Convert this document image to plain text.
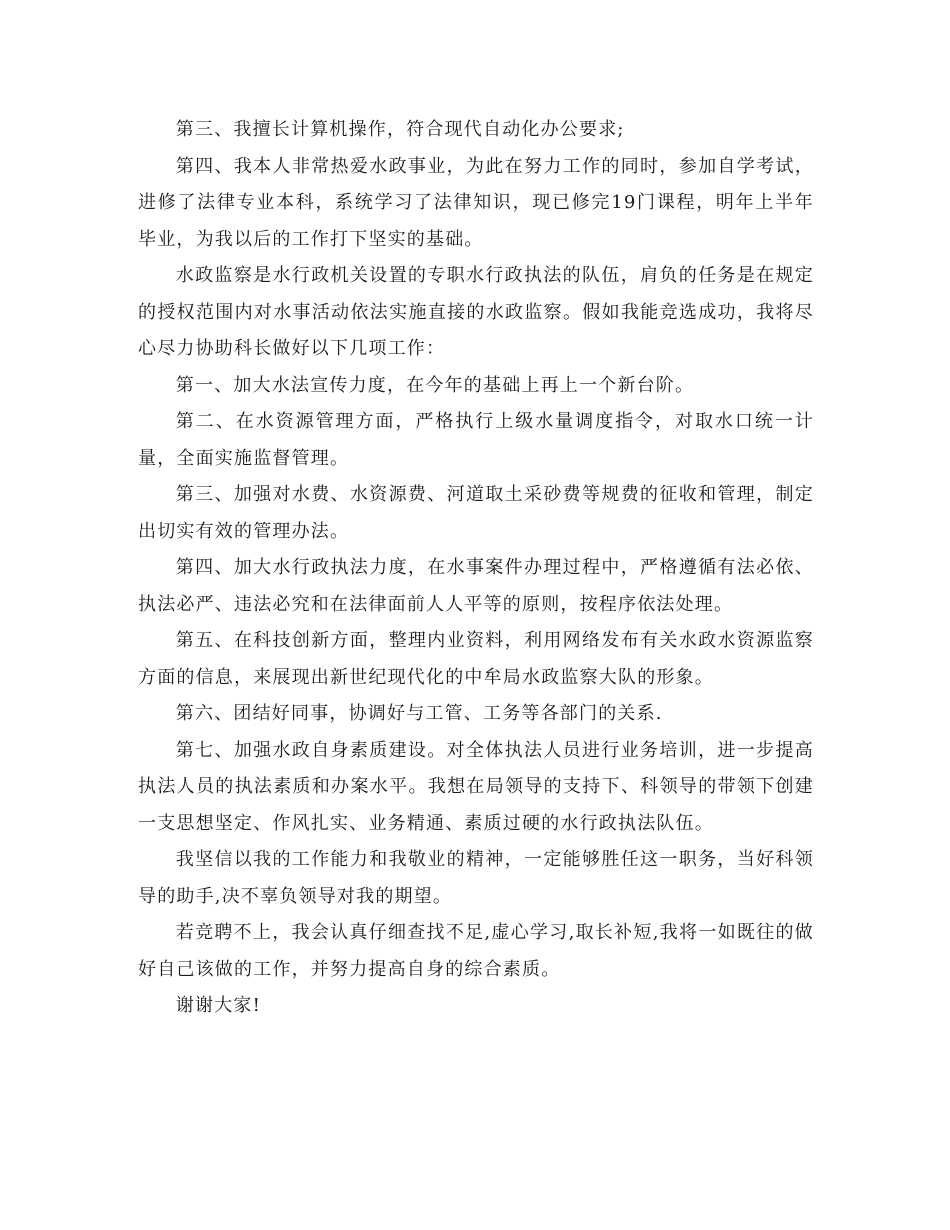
第三、我擅长计算机操作，符合现代自动化办公要求;

第四、我本人非常热爱水政事业，为此在努力工作的同时，参加自学考试，进修了法律专业本科，系统学习了法律知识，现已修完19门课程，明年上半年毕业，为我以后的工作打下坚实的基础。

水政监察是水行政机关设置的专职水行政执法的队伍，肩负的任务是在规定的授权范围内对水事活动依法实施直接的水政监察。假如我能竞选成功，我将尽心尽力协助科长做好以下几项工作：

第一、加大水法宣传力度，在今年的基础上再上一个新台阶。

第二、在水资源管理方面，严格执行上级水量调度指令，对取水口统一计量，全面实施监督管理。

第三、加强对水费、水资源费、河道取土采砂费等规费的征收和管理，制定出切实有效的管理办法。

第四、加大水行政执法力度，在水事案件办理过程中，严格遵循有法必依、执法必严、违法必究和在法律面前人人平等的原则，按程序依法处理。

第五、在科技创新方面，整理内业资料，利用网络发布有关水政水资源监察方面的信息，来展现出新世纪现代化的中牟局水政监察大队的形象。

第六、团结好同事，协调好与工管、工务等各部门的关系.

第七、加强水政自身素质建设。对全体执法人员进行业务培训，进一步提高执法人员的执法素质和办案水平。我想在局领导的支持下、科领导的带领下创建一支思想坚定、作风扎实、业务精通、素质过硬的水行政执法队伍。

我坚信以我的工作能力和我敬业的精神，一定能够胜任这一职务，当好科领导的助手,决不辜负领导对我的期望。

若竞聘不上，我会认真仔细查找不足,虚心学习,取长补短,我将一如既往的做好自己该做的工作，并努力提高自身的综合素质。

谢谢大家!
